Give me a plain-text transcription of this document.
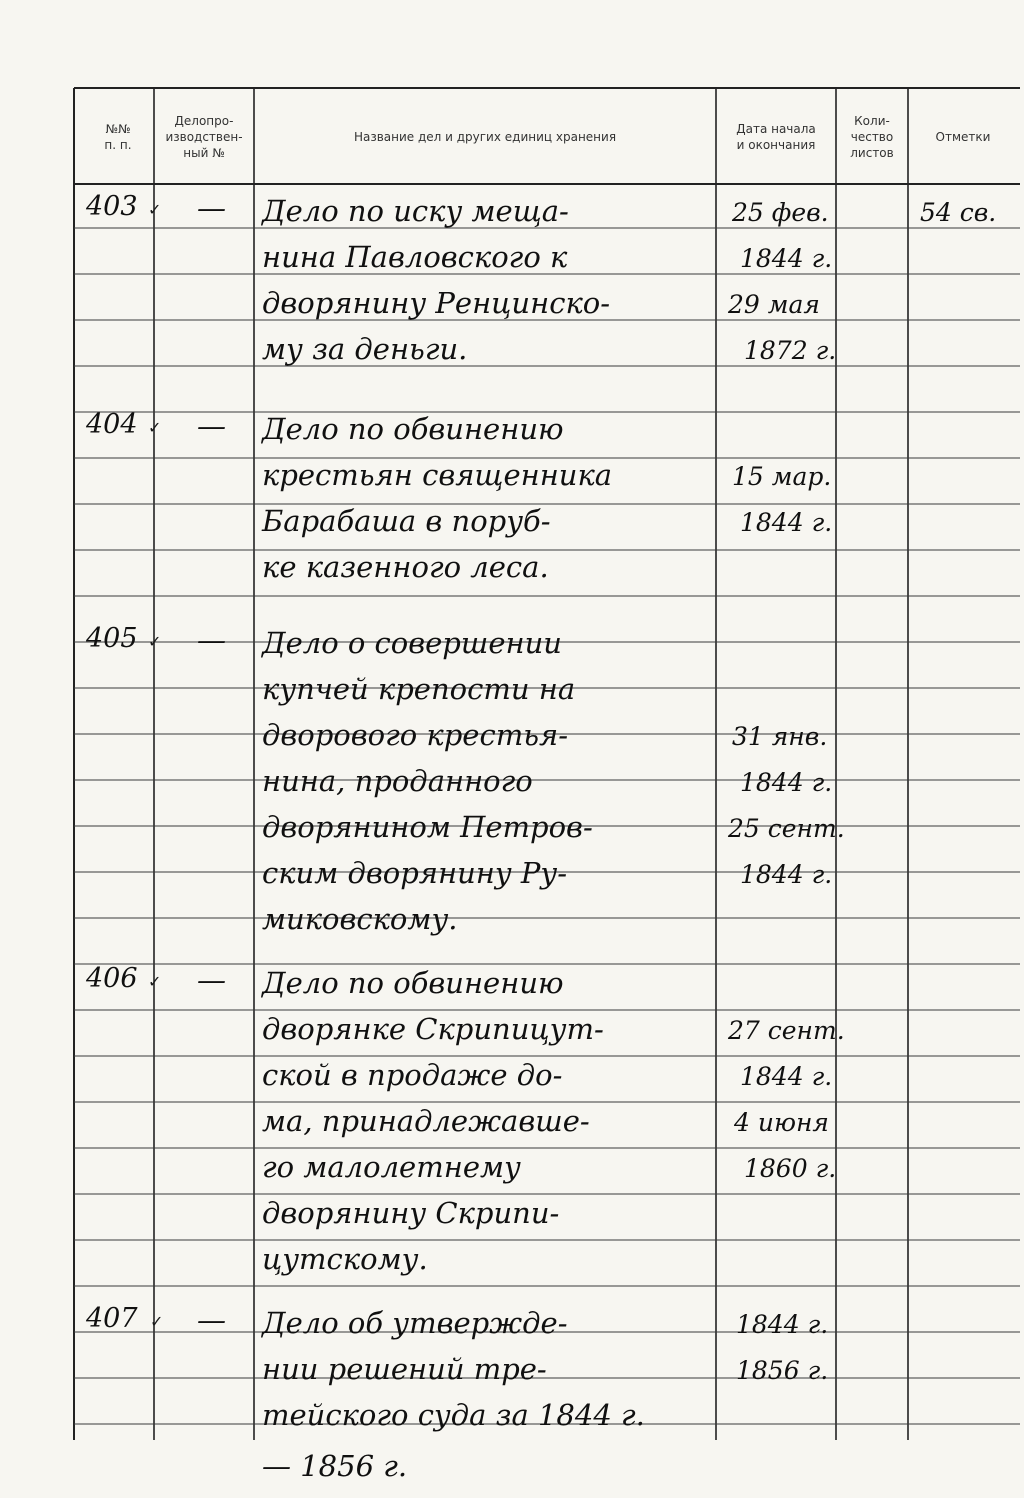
№№
п. п.
Делопро-
изводствен-
ный №
Название дел и других единиц хранения
Дата начала
и окончания
Коли-
чество
листов
Отметки
403 ✓ — Дело по иску меща-
нина Павловского к
дворянину Ренцинско-
му за деньги.
25 фев.
1844 г.
29 мая
1872 г.
54 св.
404 ✓ — Дело по обвинению
крестьян священника
Барабаша в поруб-
ке казенного леса.
15 мар.
1844 г.
405 ✓ — Дело о совершении
купчей крепости на
дворового крестья-
нина, проданного
дворянином Петров-
ским дворянину Ру-
миковскому.
31 янв.
1844 г.
25 сент.
1844 г.
406 ✓ — Дело по обвинению
дворянке Скрипицут-
ской в продаже до-
ма, принадлежавше-
го малолетнему
дворянину Скрипи-
цутскому.
27 сент.
1844 г.
4 июня
1860 г.
407 ✓ — Дело об утвержде-
нии решений тре-
тейского суда за 1844 г.
— 1856 г.
1844 г.
1856 г.
